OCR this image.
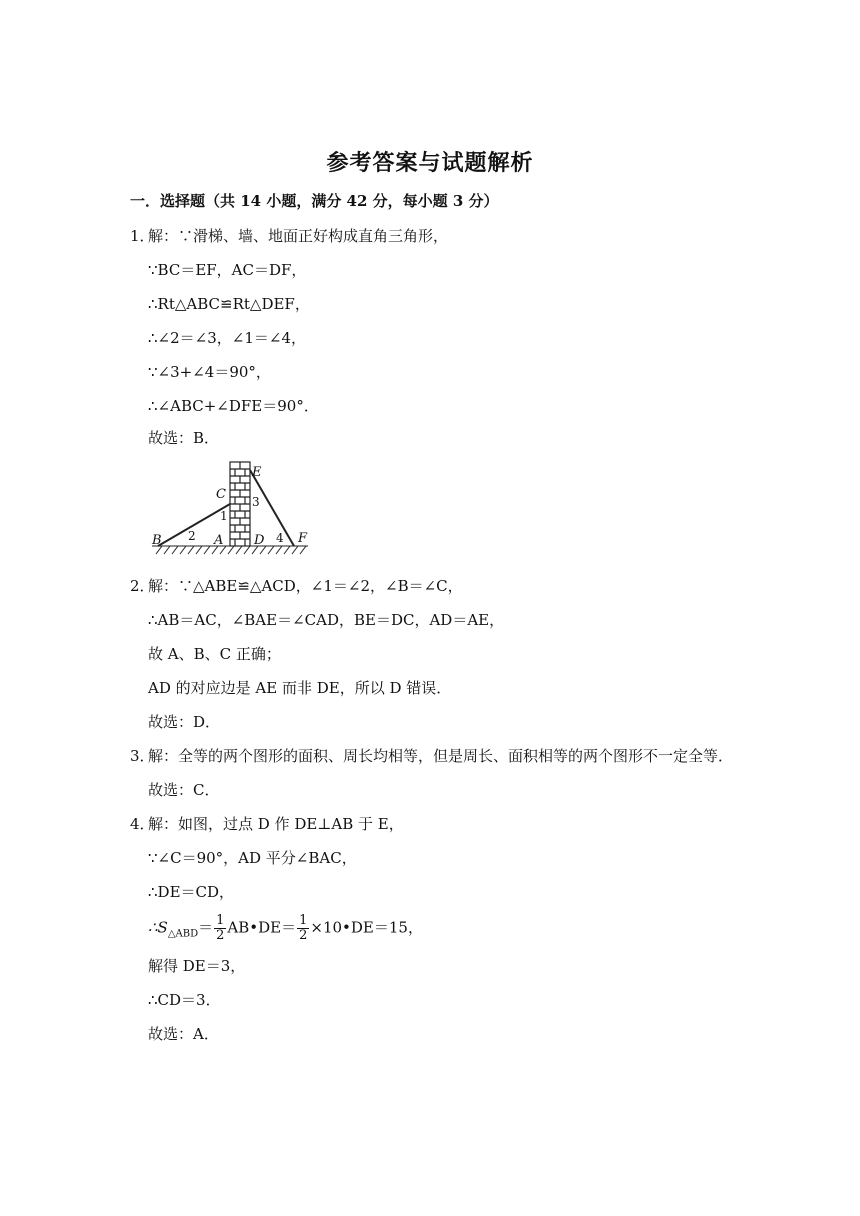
参考答案与试题解析
一．选择题（共 14 小题，满分 42 分，每小题 3 分）
1．
解：∵滑梯、墙、地面正好构成直角三角形，
∵BC＝EF，AC＝DF，
∴Rt△ABC≌Rt△DEF，
∴∠2＝∠3，∠1＝∠4，
∵∠3+∠4＝90°，
∴∠ABC+∠DFE＝90°．
故选：B．
B	A
C
D
E
F
1
2
3
4
2．
解：∵△ABE≌△ACD，∠1＝∠2，∠B＝∠C，
∴AB＝AC，∠BAE＝∠CAD，BE＝DC，AD＝AE，
故 A、B、C 正确；
AD 的对应边是 AE 而非 DE，所以 D 错误．
故选：D．
3．
解：全等的两个图形的面积、周长均相等，但是周长、面积相等的两个图形不一定全等．
故选：C．
4．
解：如图，过点 D 作 DE⊥AB 于 E，
∵∠C＝90°，AD 平分∠BAC，
∴DE＝CD，
$\therefore S_{\triangle ABD}= \frac{1}{2}$ AB•DE＝ $\frac{1}{2}$ ×10•DE＝15，
解得 DE＝3，
∴CD＝3．
故选：A．
